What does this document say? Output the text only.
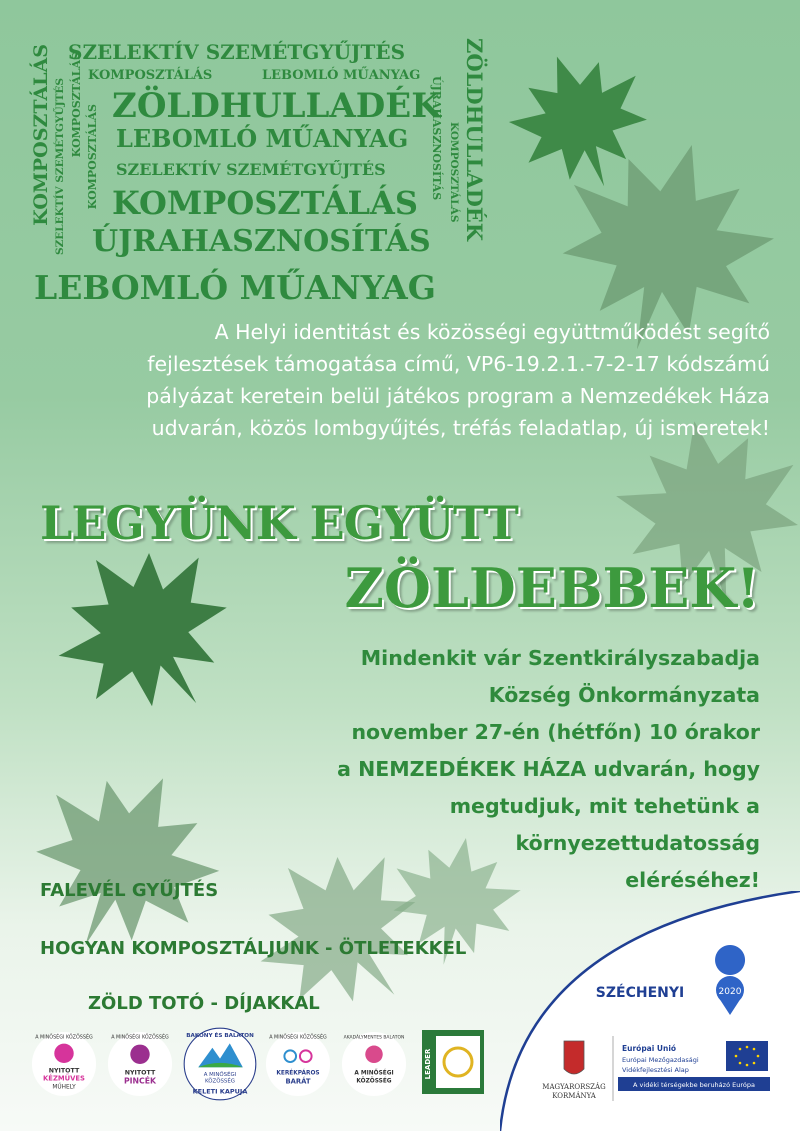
KOMPOSZTÁLÁS SZELEKTÍV SZEMÉTGYŰJTÉS KOMPOSZTÁLÁS KOMPOSZTÁLÁS
SZELEKTÍV SZEMÉTGYŰJTÉS
KOMPOSZTÁLÁS	LEBOMLÓ MŰANYAG
ZÖLDHULLADÉK
LEBOMLÓ MŰANYAG
SZELEKTÍV SZEMÉTGYŰJTÉS
KOMPOSZTÁLÁS
ÚJRAHASZNOSÍTÁS
LEBOMLÓ MŰANYAG
ÚJRAHASZNOSÍTÁS KOMPOSZTÁLÁS ZÖLDHULLADÉK
A Helyi identitást és közösségi együttműködést segítő
fejlesztések támogatása című, VP6-19.2.1.-7-2-17 kódszámú
pályázat keretein belül játékos program a Nemzedékek Háza
udvarán, közös lombgyűjtés, tréfás feladatlap, új ismeretek!
LEGYÜNK EGYÜTT
ZÖLDEBBEK!
Mindenkit vár Szentkirályszabadja
Község Önkormányzata
november 27-én (hétfőn) 10 órakor
a NEMZEDÉKEK HÁZA udvarán, hogy
megtudjuk, mit tehetünk a környezettudatosság
eléréséhez!
FALEVÉL GYŰJTÉS
HOGYAN KOMPOSZTÁLJUNK - ÖTLETEKKEL
ZÖLD TOTÓ - DÍJAKKAL
A MINŐSÉGI KÖZÖSSÉG
NYITOTT
KÉZMŰVES
MŰHELY
A MINŐSÉGI KÖZÖSSÉG
NYITOTT
PINCÉK
BAKONY ÉS BALATON
A MINŐSÉGI
KÖZÖSSÉG
KELETI KAPUJA
A MINŐSÉGI KÖZÖSSÉG
KERÉKPÁROS
BARÁT
AKADÁLYMENTES BALATON
A MINŐSÉGI
KÖZÖSSÉG
LEADER
SZÉCHENYI	2020
MAGYARORSZÁG
KORMÁNYA
Európai Unió
Európai Mezőgazdasági
Vidékfejlesztési Alap
A vidéki térségekbe beruházó Európa
